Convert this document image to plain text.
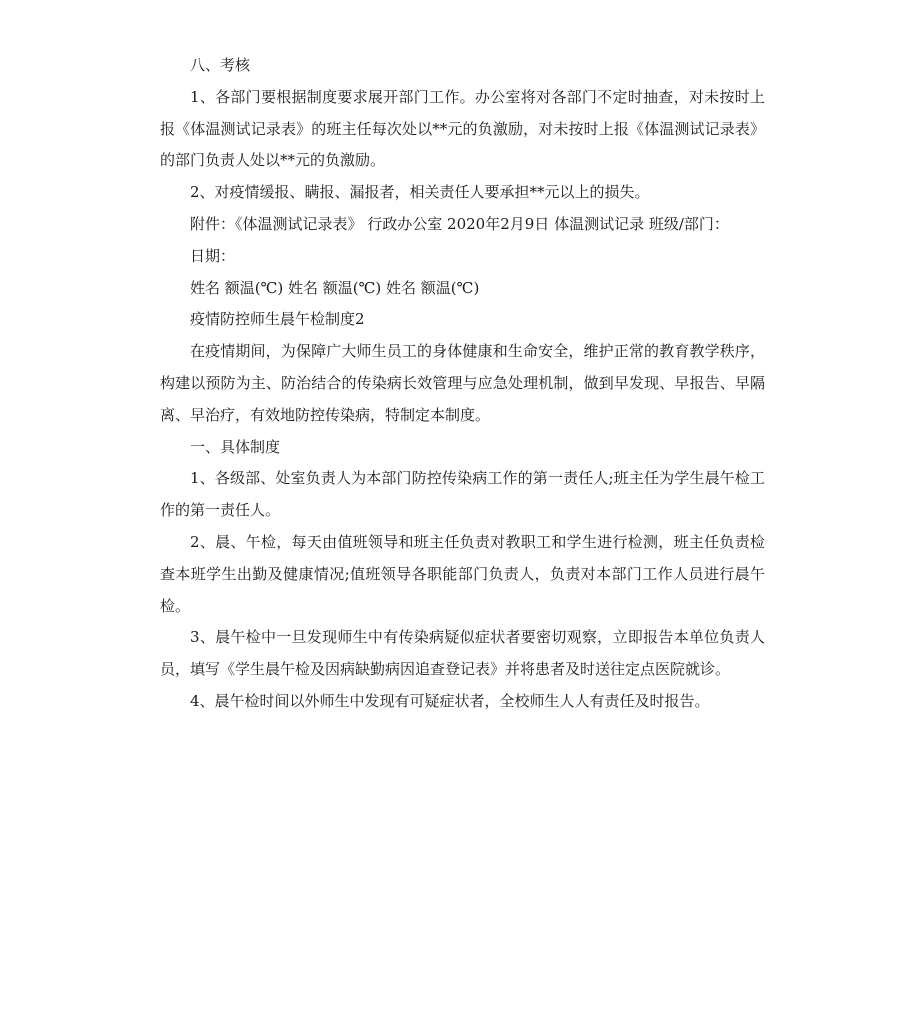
八、考核

1、各部门要根据制度要求展开部门工作。办公室将对各部门不定时抽查，对未按时上报《体温测试记录表》的班主任每次处以**元的负激励，对未按时上报《体温测试记录表》的部门负责人处以**元的负激励。

2、对疫情缓报、瞒报、漏报者，相关责任人要承担**元以上的损失。

附件：《体温测试记录表》 行政办公室 2020年2月9日 体温测试记录 班级/部门：

日期：

姓名 额温(℃) 姓名 额温(℃) 姓名 额温(℃)

疫情防控师生晨午检制度2

在疫情期间，为保障广大师生员工的身体健康和生命安全，维护正常的教育教学秩序，构建以预防为主、防治结合的传染病长效管理与应急处理机制，做到早发现、早报告、早隔离、早治疗，有效地防控传染病，特制定本制度。

一、具体制度

1、各级部、处室负责人为本部门防控传染病工作的第一责任人;班主任为学生晨午检工作的第一责任人。

2、晨、午检，每天由值班领导和班主任负责对教职工和学生进行检测，班主任负责检查本班学生出勤及健康情况;值班领导各职能部门负责人，负责对本部门工作人员进行晨午检。

3、晨午检中一旦发现师生中有传染病疑似症状者要密切观察，立即报告本单位负责人员，填写《学生晨午检及因病缺勤病因追查登记表》并将患者及时送往定点医院就诊。

4、晨午检时间以外师生中发现有可疑症状者，全校师生人人有责任及时报告。
